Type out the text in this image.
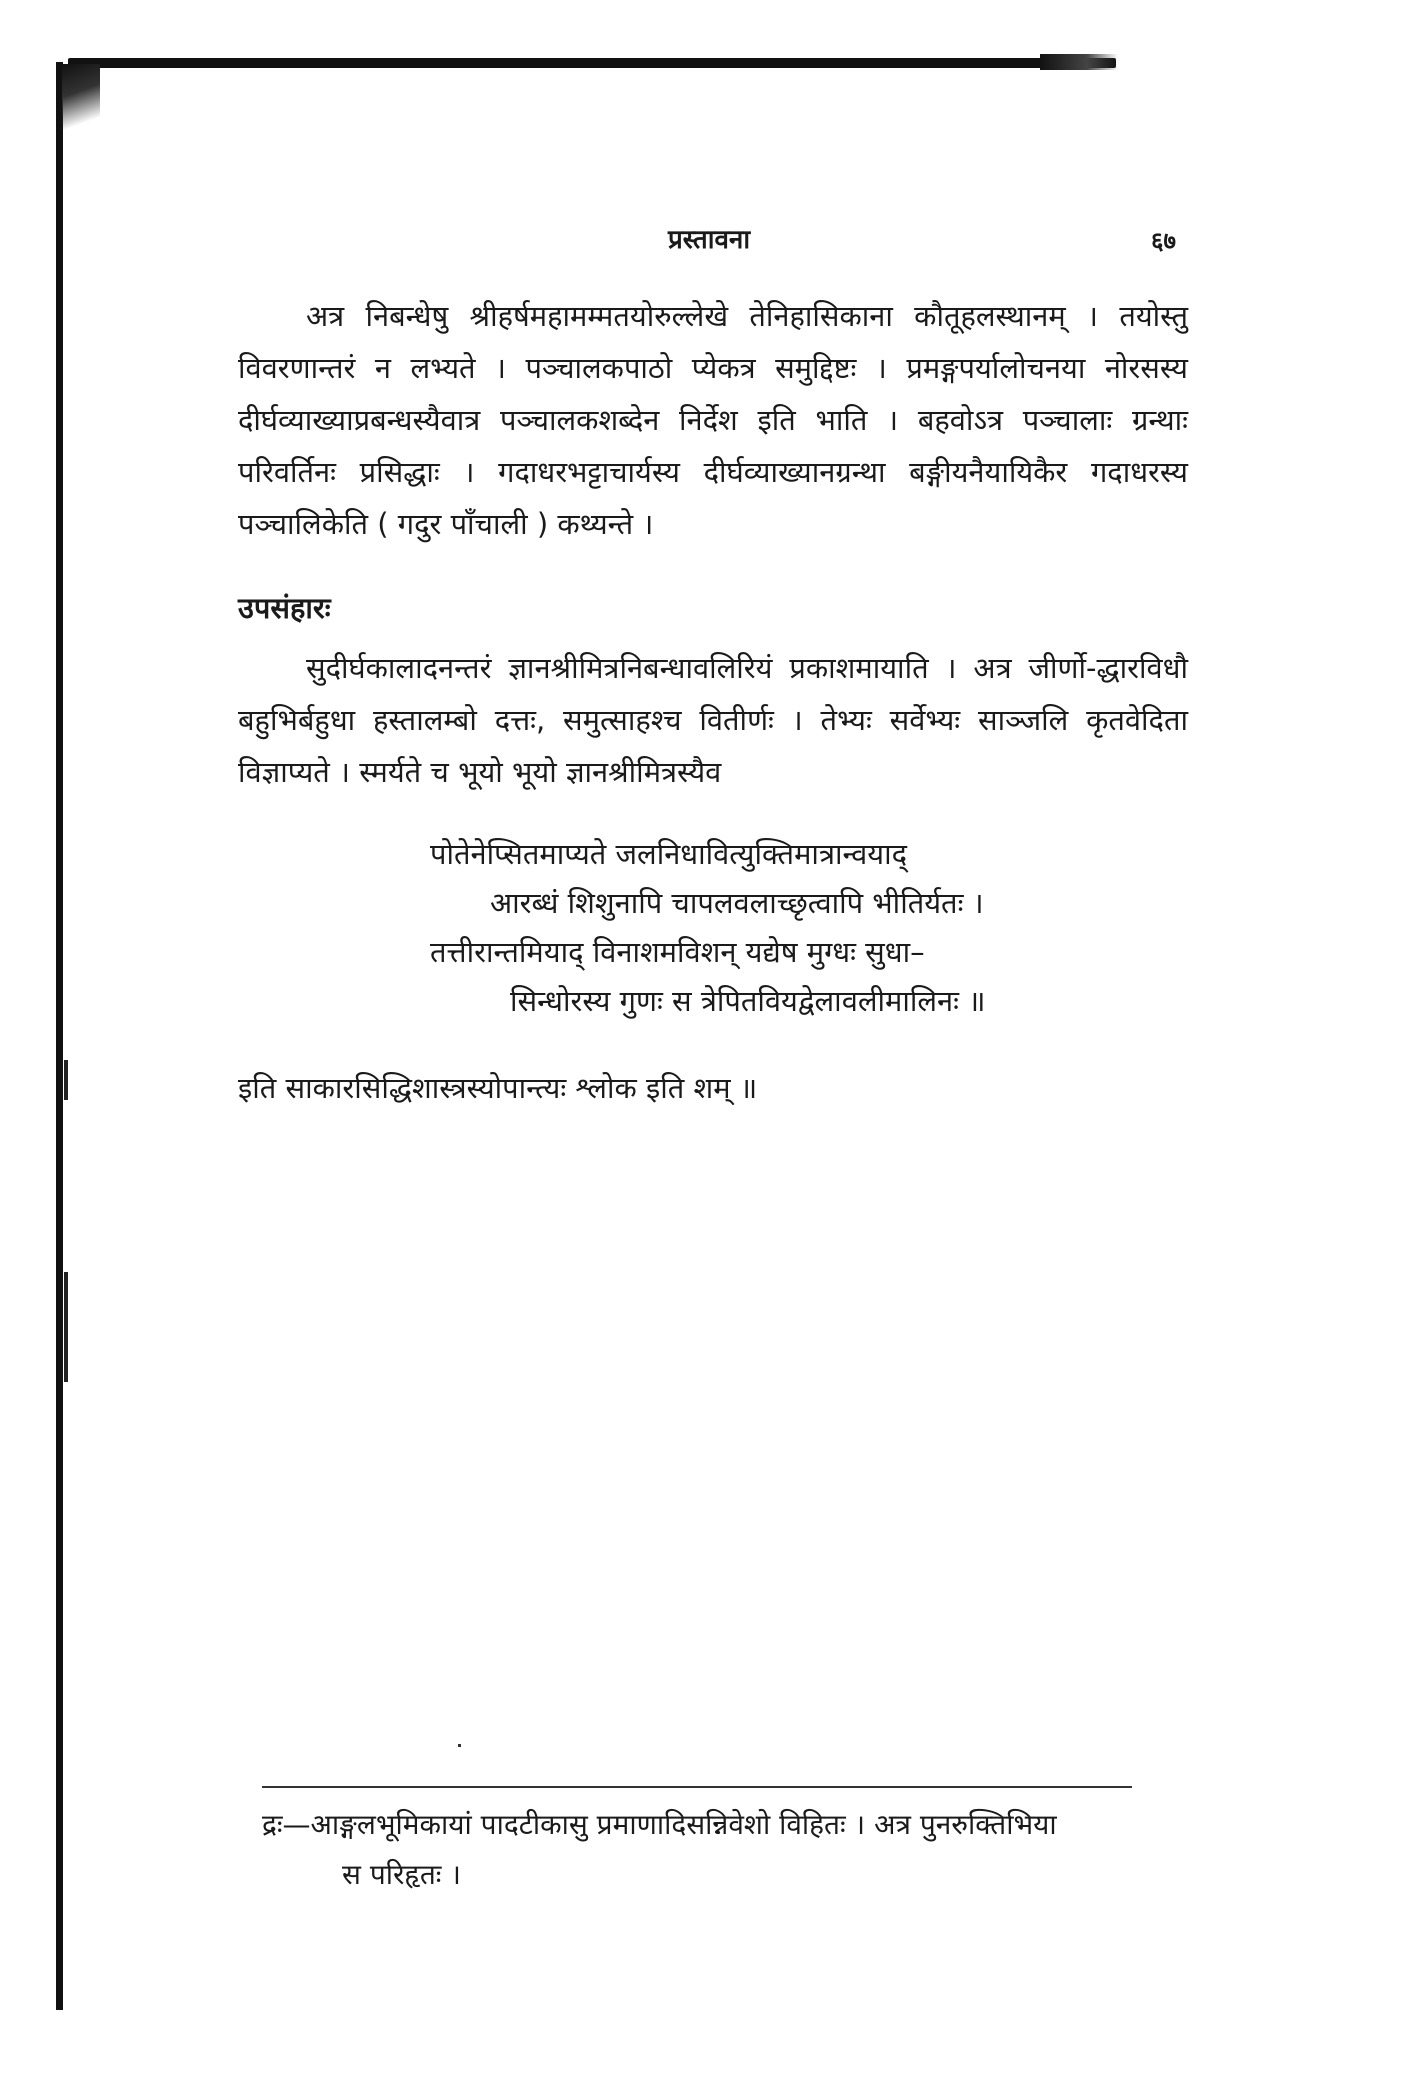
प्रस्तावना	६७

अत्र निबन्धेषु श्रीहर्षमहामम्मतयोरुल्लेखे तेनिहासिकाना कौतूहलस्थानम् । तयोस्तु विवरणान्तरं न लभ्यते । पञ्चालकपाठो प्येकत्र समुद्दिष्टः । प्रमङ्गपर्यालोचनया नोरसस्य दीर्घव्याख्याप्रबन्धस्यैवात्र पञ्चालकशब्देन निर्देश इति भाति । बहवोऽत्र पञ्चालाः ग्रन्थाः परिवर्तिनः प्रसिद्धाः । गदाधरभट्टाचार्यस्य दीर्घव्याख्यानग्रन्था बङ्गीयनैयायिकैर गदाधरस्य पञ्चालिकेति ( गदुर पाँचाली ) कथ्यन्ते ।

उपसंहारः

सुदीर्घकालादनन्तरं ज्ञानश्रीमित्रनिबन्धावलिरियं प्रकाशमायाति । अत्र जीर्णो-द्धारविधौ बहुभिर्बहुधा हस्तालम्बो दत्तः, समुत्साहश्च वितीर्णः । तेभ्यः सर्वेभ्यः साञ्जलि कृतवेदिता विज्ञाप्यते । स्मर्यते च भूयो भूयो ज्ञानश्रीमित्रस्यैव

पोतेनेप्सितमाप्यते जलनिधावित्युक्तिमात्रान्वयाद्
आरब्धं शिशुनापि चापलवलाच्छृत्वापि भीतिर्यतः ।
तत्तीरान्तमियाद् विनाशमविशन् यद्येष मुग्धः सुधा–
सिन्धोरस्य गुणः स त्रेपितवियद्वेलावलीमालिनः ॥

इति साकारसिद्धिशास्त्रस्योपान्त्यः श्लोक इति शम् ॥

द्रः—आङ्गलभूमिकायां पादटीकासु प्रमाणादिसन्निवेशो विहितः । अत्र पुनरुक्तिभिया
स परिहृतः ।
